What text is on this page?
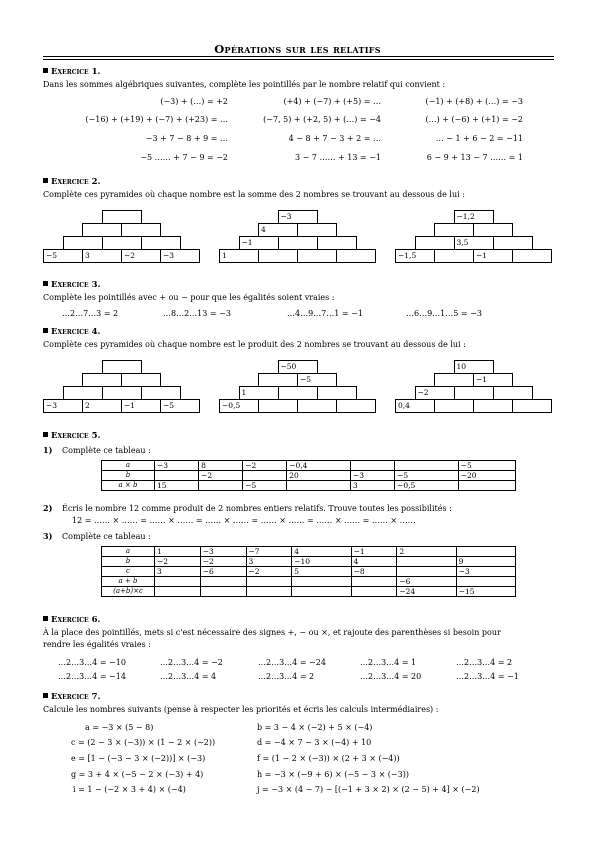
Opérations sur les relatifs
Exercice 1.
Dans les sommes algébriques suivantes, complète les pointillés par le nombre relatif qui convient :
(−3) + (…) = +2	(+4) + (−7) + (+5) = …	(−1) + (+8) + (…) = −3
(−16) + (+19) + (−7) + (+23) = …	(−7, 5) + (+2, 5) + (…) = −4	(…) + (−6) + (+1) = −2
−3 + 7 − 8 + 9 = …	4 − 8 + 7 − 3 + 2 = …	… − 1 + 6 − 2 = −11
−5 …… + 7 − 9 = −2	3 − 7 …… + 13 = −1	6 − 9 + 13 − 7 …… = 1
Exercice 2.
Complète ces pyramides où chaque nombre est la somme des 2 nombres se trouvant au dessous de lui :
−5	3	−2	−3	1
−1
4
−3
−1,5	−1
3,5
−1,2
Exercice 3.
Complète les pointillés avec + ou − pour que les égalités soient vraies :
…2…7…3 = 2	…8…2…13 = −3	…4…9…7…1 = −1	…6…9…1…5 = −3
Exercice 4.
Complète ces pyramides où chaque nombre est le produit des 2 nombres se trouvant au dessous de lui :
−3	2	−1	−5	−0,5
1
−5
−50
0,4
−2
−1
10
Exercice 5.
1) Complète ce tableau :
a	−3	8	−2	−0,4			−5
b		−2		20	−3	−5	−20
a × b	15		−5		3	−0,5	
2) Écris le nombre 12 comme produit de 2 nombres entiers relatifs. Trouve toutes les possibilités :
12 = …… × …… = …… × …… = …… × …… = …… × …… = …… × …… = …… × ……
3) Complète ce tableau :
a	1	−3	−7	4	−1	2	
b	−2	−2	3	−10	4		9
c	3	−6	−2	5	−8		−3
a + b						−6	
(a+b)×c						−24	−15
Exercice 6.
À la place des pointillés, mets si c'est nécessaire des signes +, − ou ×, et rajoute des parenthèses si besoin pour
rendre les égalités vraies :
…2…3…4 = −10	…2…3…4 = −2	…2…3…4 = −24	…2…3…4 = 1	…2…3…4 = 2
…2…3…4 = −14	…2…3…4 = 4	…2…3…4 = 2	…2…3…4 = 20	…2…3…4 = −1
Exercice 7.
Calcule les nombres suivants (pense à respecter les priorités et écris les calculs intermédiaires) :
a = −3 × (5 − 8)
c = (2 − 3 × (−3)) × (1 − 2 × (−2))
e = [1 − (−3 − 3 × (−2))] × (−3)
g = 3 + 4 × (−5 − 2 × (−3) + 4)
i = 1 − (−2 × 3 + 4) × (−4)
b = 3 − 4 × (−2) + 5 × (−4)
d = −4 × 7 − 3 × (−4) + 10
f = (1 − 2 × (−3)) × (2 + 3 × (−4))
h = −3 × (−9 + 6) × (−5 − 3 × (−3))
j = −3 × (4 − 7) − [(−1 + 3 × 2) × (2 − 5) + 4] × (−2)
